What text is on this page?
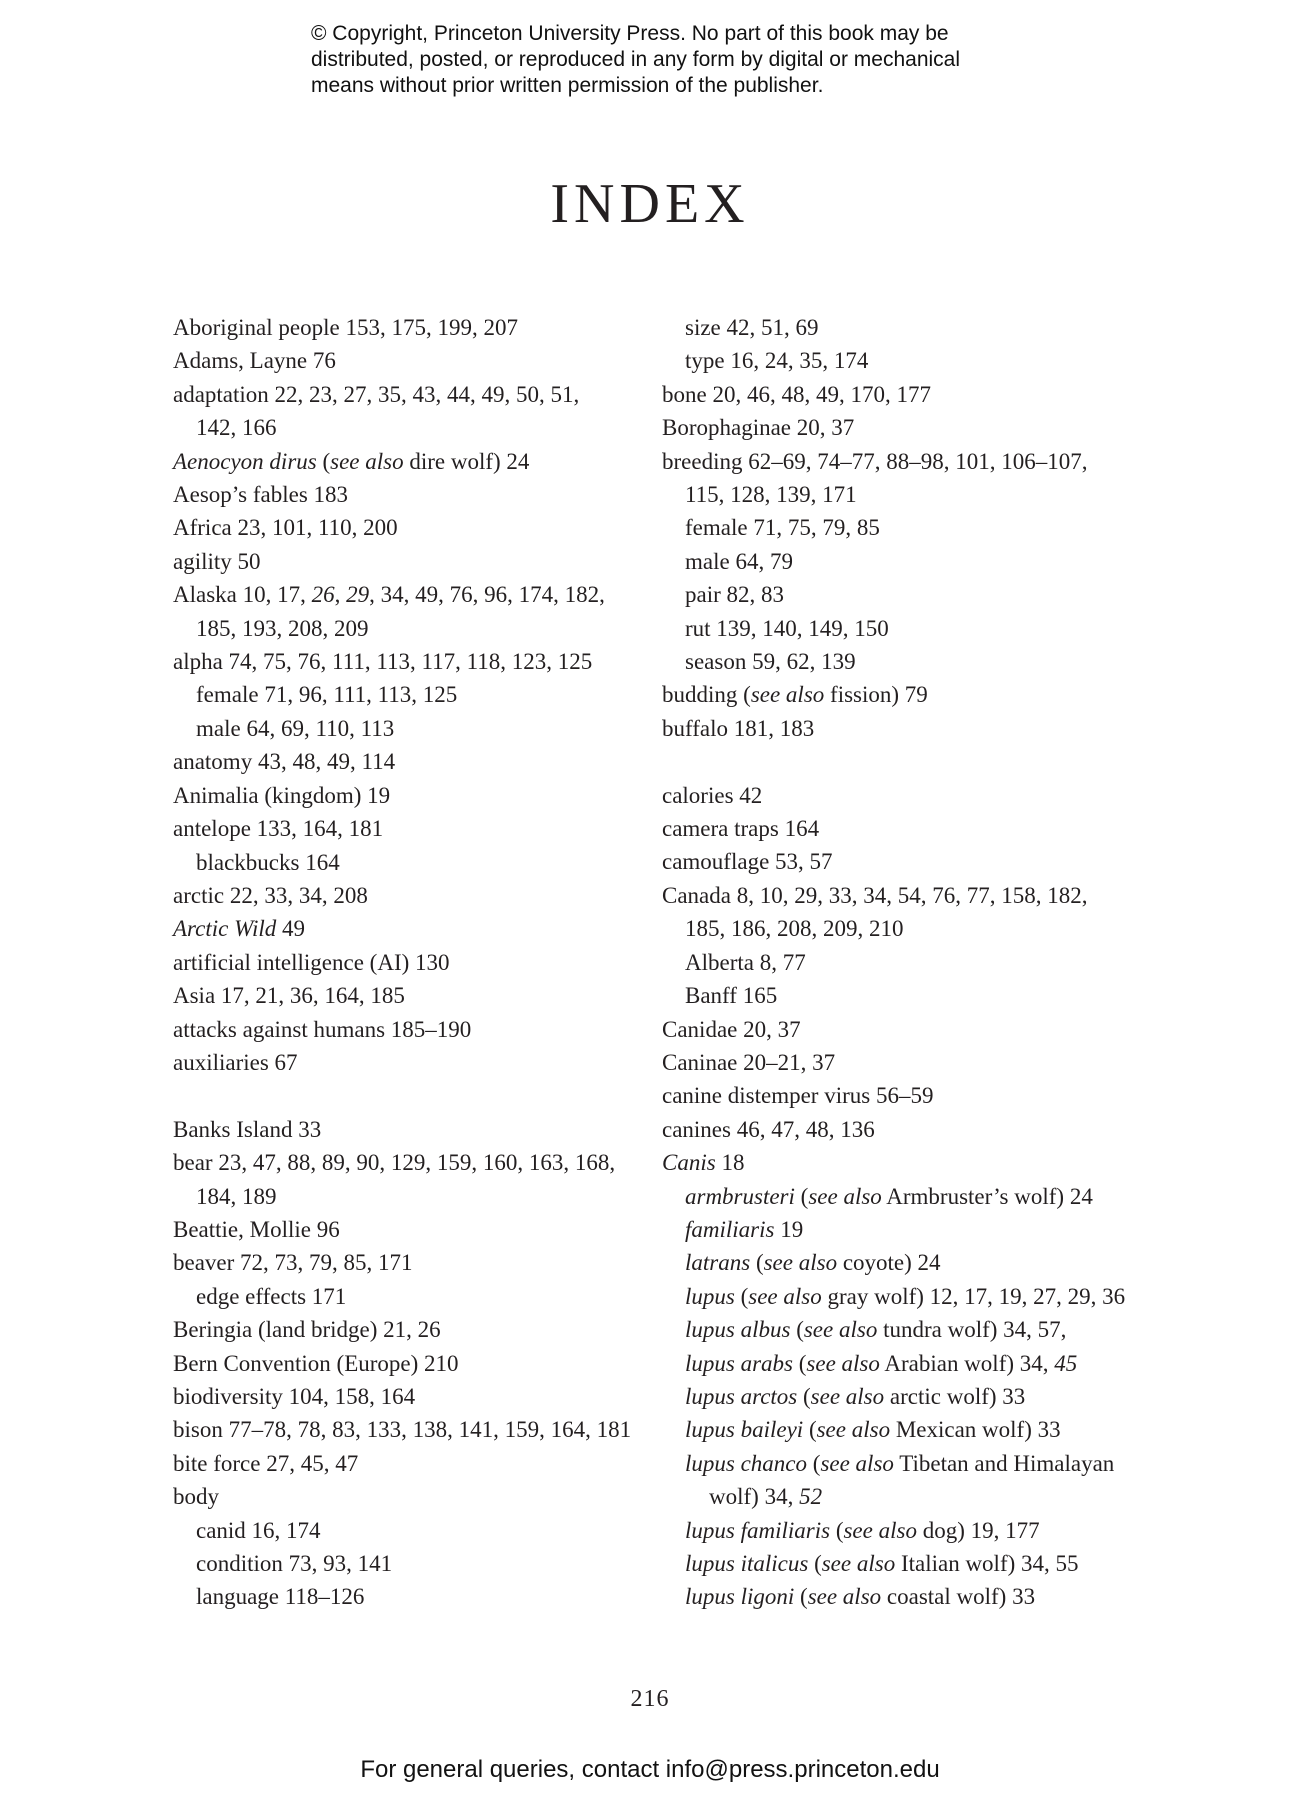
© Copyright, Princeton University Press. No part of this book may be
distributed, posted, or reproduced in any form by digital or mechanical
means without prior written permission of the publisher.
INDEX
Aboriginal people 153, 175, 199, 207
Adams, Layne 76
adaptation 22, 23, 27, 35, 43, 44, 49, 50, 51,
142, 166
Aenocyon dirus (see also dire wolf) 24
Aesop’s fables 183
Africa 23, 101, 110, 200
agility 50
Alaska 10, 17, 26, 29, 34, 49, 76, 96, 174, 182,
185, 193, 208, 209
alpha 74, 75, 76, 111, 113, 117, 118, 123, 125
female 71, 96, 111, 113, 125
male 64, 69, 110, 113
anatomy 43, 48, 49, 114
Animalia (kingdom) 19
antelope 133, 164, 181
blackbucks 164
arctic 22, 33, 34, 208
Arctic Wild 49
artificial intelligence (AI) 130
Asia 17, 21, 36, 164, 185
attacks against humans 185–190
auxiliaries 67
Banks Island 33
bear 23, 47, 88, 89, 90, 129, 159, 160, 163, 168,
184, 189
Beattie, Mollie 96
beaver 72, 73, 79, 85, 171
edge effects 171
Beringia (land bridge) 21, 26
Bern Convention (Europe) 210
biodiversity 104, 158, 164
bison 77–78, 78, 83, 133, 138, 141, 159, 164, 181
bite force 27, 45, 47
body
canid 16, 174
condition 73, 93, 141
language 118–126
size 42, 51, 69
type 16, 24, 35, 174
bone 20, 46, 48, 49, 170, 177
Borophaginae 20, 37
breeding 62–69, 74–77, 88–98, 101, 106–107,
115, 128, 139, 171
female 71, 75, 79, 85
male 64, 79
pair 82, 83
rut 139, 140, 149, 150
season 59, 62, 139
budding (see also fission) 79
buffalo 181, 183
calories 42
camera traps 164
camouflage 53, 57
Canada 8, 10, 29, 33, 34, 54, 76, 77, 158, 182,
185, 186, 208, 209, 210
Alberta 8, 77
Banff 165
Canidae 20, 37
Caninae 20–21, 37
canine distemper virus 56–59
canines 46, 47, 48, 136
Canis 18
armbrusteri (see also Armbruster’s wolf) 24
familiaris 19
latrans (see also coyote) 24
lupus (see also gray wolf) 12, 17, 19, 27, 29, 36
lupus albus (see also tundra wolf) 34, 57,
lupus arabs (see also Arabian wolf) 34, 45
lupus arctos (see also arctic wolf) 33
lupus baileyi (see also Mexican wolf) 33
lupus chanco (see also Tibetan and Himalayan
wolf) 34, 52
lupus familiaris (see also dog) 19, 177
lupus italicus (see also Italian wolf) 34, 55
lupus ligoni (see also coastal wolf) 33
216
For general queries, contact info@press.princeton.edu
